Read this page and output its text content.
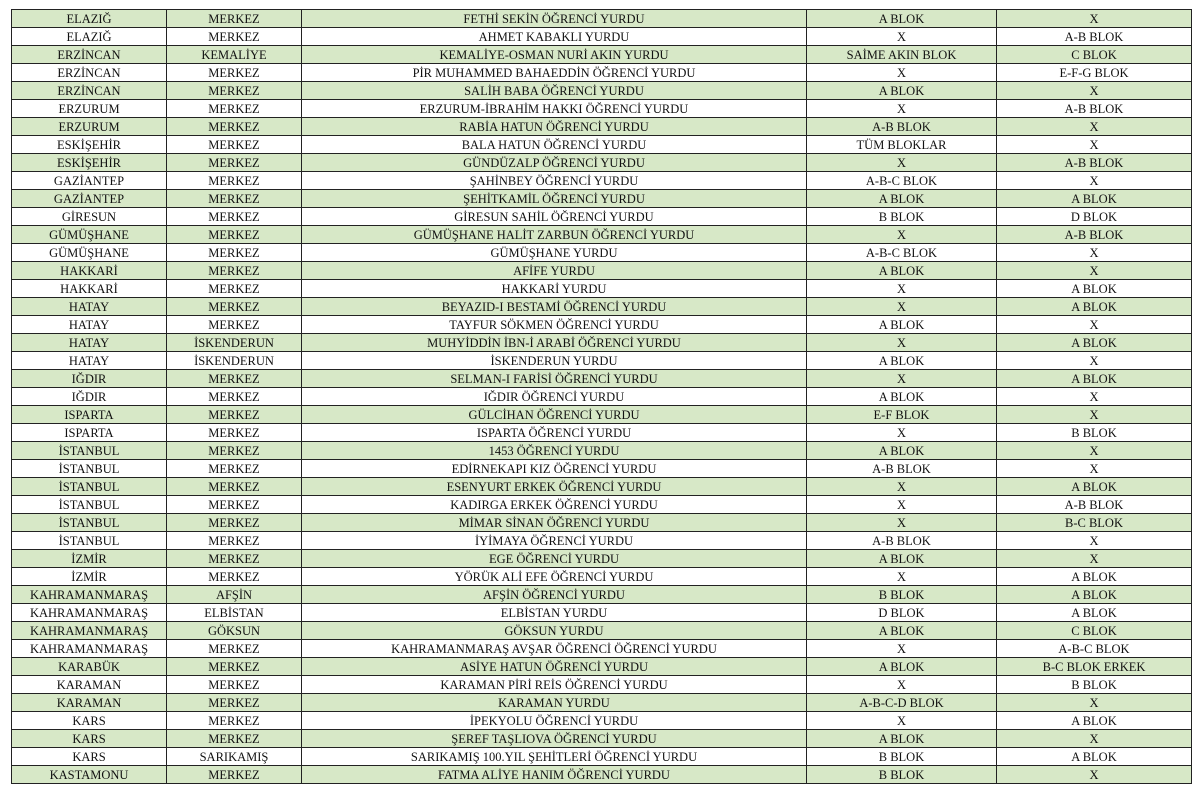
ELAZIĞ	MERKEZ	FETHİ SEKİN ÖĞRENCİ YURDU	A BLOK	X
ELAZIĞ	MERKEZ	AHMET KABAKLI YURDU	X	A-B BLOK
ERZİNCAN	KEMALİYE	KEMALİYE-OSMAN NURİ AKIN YURDU	SAİME AKIN BLOK	C BLOK
ERZİNCAN	MERKEZ	PİR MUHAMMED BAHAEDDİN ÖĞRENCİ YURDU	X	E-F-G BLOK
ERZİNCAN	MERKEZ	SALİH BABA ÖĞRENCİ YURDU	A BLOK	X
ERZURUM	MERKEZ	ERZURUM-İBRAHİM HAKKI ÖĞRENCİ YURDU	X	A-B BLOK
ERZURUM	MERKEZ	RABİA HATUN ÖĞRENCİ YURDU	A-B BLOK	X
ESKİŞEHİR	MERKEZ	BALA HATUN ÖĞRENCİ YURDU	TÜM BLOKLAR	X
ESKİŞEHİR	MERKEZ	GÜNDÜZALP ÖĞRENCİ YURDU	X	A-B BLOK
GAZİANTEP	MERKEZ	ŞAHİNBEY ÖĞRENCİ YURDU	A-B-C BLOK	X
GAZİANTEP	MERKEZ	ŞEHİTKAMİL ÖĞRENCİ YURDU	A BLOK	A BLOK
GİRESUN	MERKEZ	GİRESUN SAHİL ÖĞRENCİ YURDU	B BLOK	D BLOK
GÜMÜŞHANE	MERKEZ	GÜMÜŞHANE HALİT ZARBUN ÖĞRENCİ YURDU	X	A-B BLOK
GÜMÜŞHANE	MERKEZ	GÜMÜŞHANE YURDU	A-B-C BLOK	X
HAKKARİ	MERKEZ	AFİFE YURDU	A BLOK	X
HAKKARİ	MERKEZ	HAKKARİ YURDU	X	A BLOK
HATAY	MERKEZ	BEYAZID-I BESTAMİ ÖĞRENCİ YURDU	X	A BLOK
HATAY	MERKEZ	TAYFUR SÖKMEN ÖĞRENCİ YURDU	A BLOK	X
HATAY	İSKENDERUN	MUHYİDDİN İBN-İ ARABİ ÖĞRENCİ YURDU	X	A BLOK
HATAY	İSKENDERUN	İSKENDERUN YURDU	A BLOK	X
IĞDIR	MERKEZ	SELMAN-I FARİSİ ÖĞRENCİ YURDU	X	A BLOK
IĞDIR	MERKEZ	IĞDIR ÖĞRENCİ YURDU	A BLOK	X
ISPARTA	MERKEZ	GÜLCİHAN ÖĞRENCİ YURDU	E-F BLOK	X
ISPARTA	MERKEZ	ISPARTA ÖĞRENCİ YURDU	X	B BLOK
İSTANBUL	MERKEZ	1453 ÖĞRENCİ YURDU	A BLOK	X
İSTANBUL	MERKEZ	EDİRNEKAPI KIZ ÖĞRENCİ YURDU	A-B BLOK	X
İSTANBUL	MERKEZ	ESENYURT ERKEK ÖĞRENCİ YURDU	X	A BLOK
İSTANBUL	MERKEZ	KADIRGA ERKEK ÖĞRENCİ YURDU	X	A-B BLOK
İSTANBUL	MERKEZ	MİMAR SİNAN ÖĞRENCİ YURDU	X	B-C BLOK
İSTANBUL	MERKEZ	İYİMAYA ÖĞRENCİ YURDU	A-B BLOK	X
İZMİR	MERKEZ	EGE ÖĞRENCİ YURDU	A BLOK	X
İZMİR	MERKEZ	YÖRÜK ALİ EFE ÖĞRENCİ YURDU	X	A BLOK
KAHRAMANMARAŞ	AFŞİN	AFŞİN ÖĞRENCİ YURDU	B BLOK	A BLOK
KAHRAMANMARAŞ	ELBİSTAN	ELBİSTAN YURDU	D BLOK	A BLOK
KAHRAMANMARAŞ	GÖKSUN	GÖKSUN YURDU	A BLOK	C BLOK
KAHRAMANMARAŞ	MERKEZ	KAHRAMANMARAŞ AVŞAR ÖĞRENCİ ÖĞRENCİ YURDU	X	A-B-C BLOK
KARABÜK	MERKEZ	ASİYE HATUN ÖĞRENCİ YURDU	A BLOK	B-C BLOK ERKEK
KARAMAN	MERKEZ	KARAMAN PİRİ REİS ÖĞRENCİ YURDU	X	B BLOK
KARAMAN	MERKEZ	KARAMAN YURDU	A-B-C-D BLOK	X
KARS	MERKEZ	İPEKYOLU ÖĞRENCİ YURDU	X	A BLOK
KARS	MERKEZ	ŞEREF TAŞLIOVA ÖĞRENCİ YURDU	A BLOK	X
KARS	SARIKAMIŞ	SARIKAMIŞ 100.YIL ŞEHİTLERİ ÖĞRENCİ YURDU	B BLOK	A BLOK
KASTAMONU	MERKEZ	FATMA ALİYE HANIM ÖĞRENCİ YURDU	B BLOK	X
